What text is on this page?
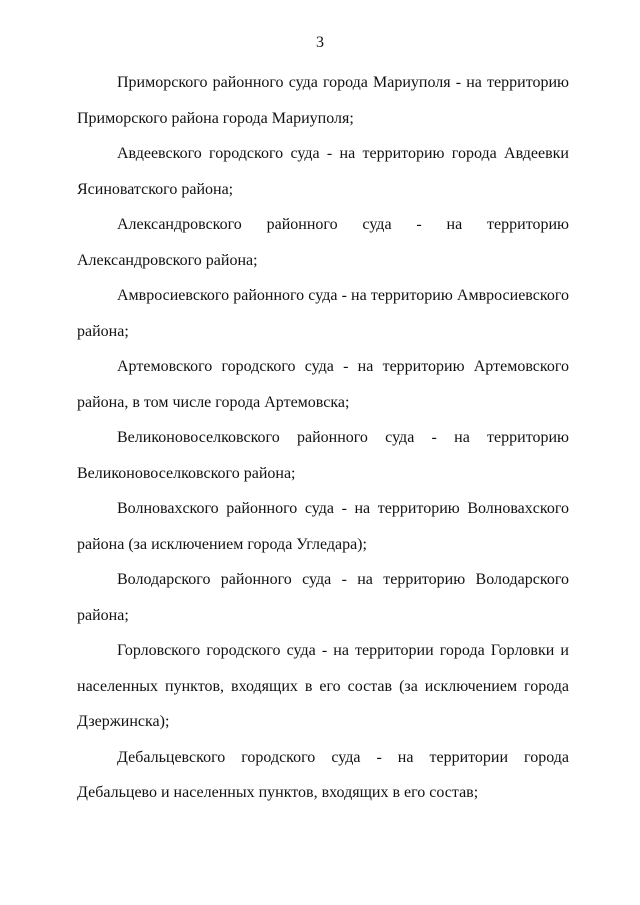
3

Приморского районного суда города Мариуполя - на территорию Приморского района города Мариуполя;

Авдеевского городского суда - на территорию города Авдеевки Ясиноватского района;

Александровского районного суда - на территорию Александровского района;

Амвросиевского районного суда - на территорию Амвросиевского района;

Артемовского городского суда - на территорию Артемовского района, в том числе города Артемовска;

Великоновоселковского районного суда - на территорию Великоновоселковского района;

Волноваxского районного суда - на территорию Волноваxского района (за исключением города Угледара);

Володарского районного суда - на территорию Володарского района;

Горловского городского суда - на территории города Горловки и населенных пунктов, входящих в его состав (за исключением города Дзержинска);

Дебальцевского городского суда - на территории города Дебальцево и населенных пунктов, входящих в его состав;
